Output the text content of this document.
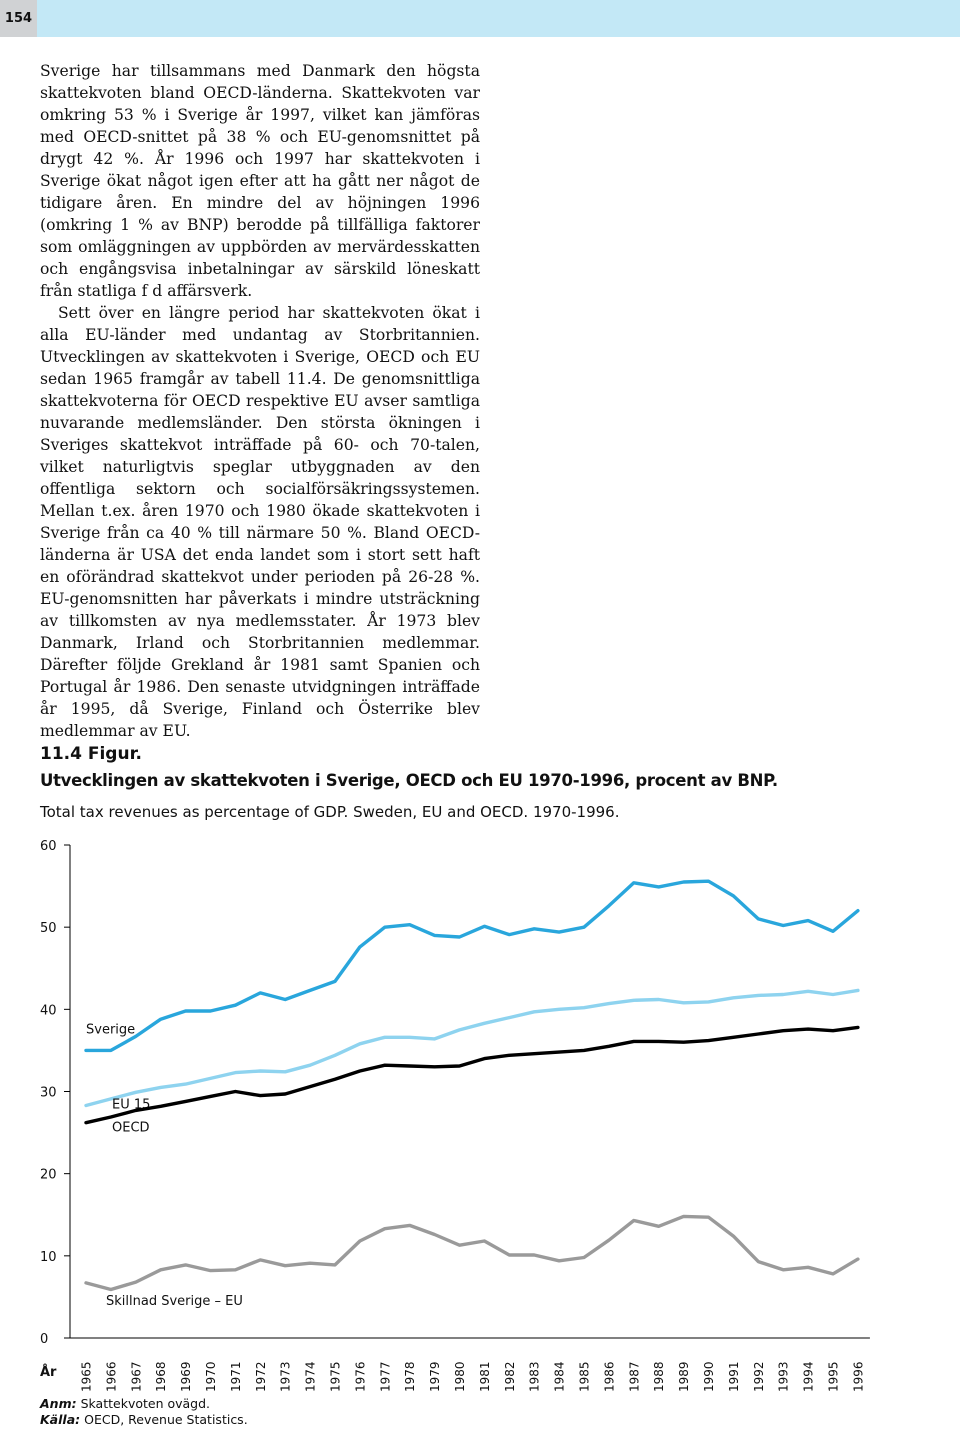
154

Sverige har tillsammans med Danmark den högsta skattekvoten bland OECD-länderna. Skattekvoten var omkring 53 % i Sverige år 1997, vilket kan jämföras med OECD-snittet på 38 % och EU-genomsnittet på drygt 42 %. År 1996 och 1997 har skattekvoten i Sverige ökat något igen efter att ha gått ner något de tidigare åren. En mindre del av höjningen 1996 (omkring 1 % av BNP) berodde på tillfälliga faktorer som omläggningen av uppbörden av mervärdesskatten och engångsvisa inbetalningar av särskild löneskatt från statliga f d affärsverk.

Sett över en längre period har skattekvoten ökat i alla EU-länder med undantag av Storbritannien. Utvecklingen av skattekvoten i Sverige, OECD och EU sedan 1965 framgår av tabell 11.4. De genomsnittliga skattekvoterna för OECD respektive EU avser samtliga nuvarande medlemsländer. Den största ökningen i Sveriges skattekvot inträffade på 60- och 70-talen, vilket naturligtvis speglar utbyggnaden av den offentliga sektorn och socialförsäkringssystemen. Mellan t.ex. åren 1970 och 1980 ökade skattekvoten i Sverige från ca 40 % till närmare 50 %. Bland OECD-länderna är USA det enda landet som i stort sett haft en oförändrad skattekvot under perioden på 26-28 %. EU-genomsnitten har påverkats i mindre utsträckning av tillkomsten av nya medlemsstater. År 1973 blev Danmark, Irland och Storbritannien medlemmar. Därefter följde Grekland år 1981 samt Spanien och Portugal år 1986. Den senaste utvidgningen inträffade år 1995, då Sverige, Finland och Österrike blev medlemmar av EU.

11.4 Figur.
Utvecklingen av skattekvoten i Sverige, OECD och EU 1970-1996, procent av BNP.
Total tax revenues as percentage of GDP. Sweden, EU and OECD. 1970-1996.
0
10
20
30
40
50
60
1965 1966 1967 1968 1969 1970 1971 1972 1973 1974 1975 1976 1977 1978 1979 1980 1981 1982 1983 1984 1985 1986 1987 1988 1989 1990 1991 1992 1993 1994 1995 1996
År
Sverige
EU 15
OECD
Skillnad Sverige – EU
Anm: Skattekvoten ovägd.
Källa: OECD, Revenue Statistics.
